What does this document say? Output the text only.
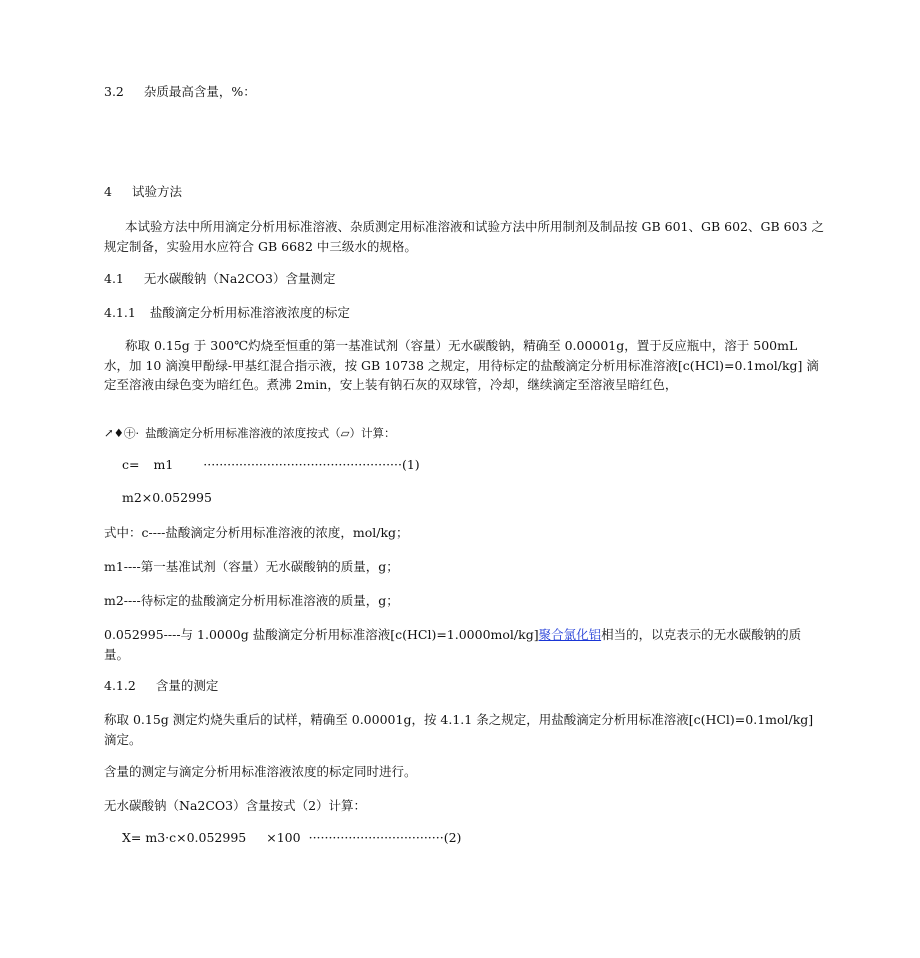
3.2 杂质最高含量，%：
4 试验方法
本试验方法中所用滴定分析用标准溶液、杂质测定用标准溶液和试验方法中所用制剂及制品按 GB 601、GB 602、GB 603 之规定制备，实验用水应符合 GB 6682 中三级水的规格。
4.1 无水碳酸钠（Na2CO3）含量测定
4.1.1 盐酸滴定分析用标准溶液浓度的标定
称取 0.15g 于 300℃灼烧至恒重的第一基准试剂（容量）无水碳酸钠，精确至 0.00001g，置于反应瓶中，溶于 500mL 水，加 10 滴溴甲酚绿-甲基红混合指示液，按 GB 10738 之规定，用待标定的盐酸滴定分析用标准溶液[c(HCl)=0.1mol/kg] 滴定至溶液由绿色变为暗红色。煮沸 2min，安上装有钠石灰的双球管，冷却，继续滴定至溶液呈暗红色，
↗♦㊉· 盐酸滴定分析用标准溶液的浓度按式（▱）计算：
c= m1 ··················································(1)
m2×0.052995
式中：c----盐酸滴定分析用标准溶液的浓度，mol/kg；
m1----第一基准试剂（容量）无水碳酸钠的质量，g；
m2----待标定的盐酸滴定分析用标准溶液的质量，g；
0.052995----与 1.0000g 盐酸滴定分析用标准溶液[c(HCl)=1.0000mol/kg]聚合氯化铝相当的，以克表示的无水碳酸钠的质量。
4.1.2 含量的测定
称取 0.15g 测定灼烧失重后的试样，精确至 0.00001g，按 4.1.1 条之规定，用盐酸滴定分析用标准溶液[c(HCl)=0.1mol/kg] 滴定。
含量的测定与滴定分析用标准溶液浓度的标定同时进行。
无水碳酸钠（Na2CO3）含量按式（2）计算：
X= m3·c×0.052995 ×100 ··································(2)
